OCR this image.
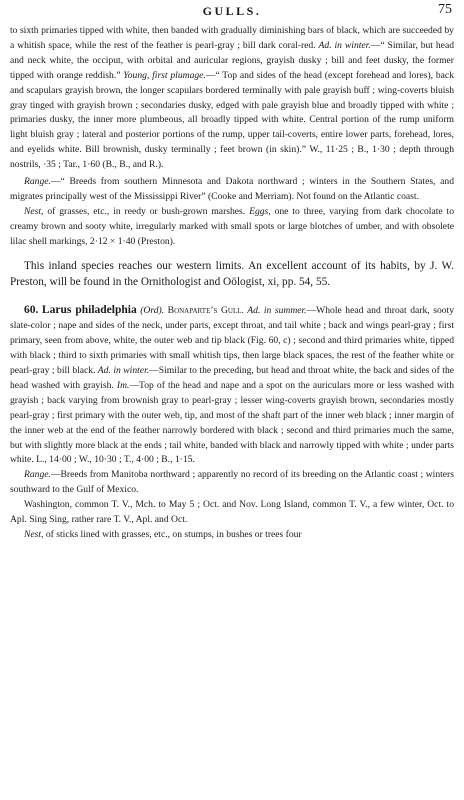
GULLS.	75

to sixth primaries tipped with white, then banded with gradually diminishing bars of black, which are succeeded by a whitish space, while the rest of the feather is pearl-gray ; bill dark coral-red. Ad. in winter.—“ Similar, but head and neck white, the occiput, with orbital and auricular regions, grayish dusky ; bill and feet dusky, the former tipped with orange reddish.” Young, first plumage.—“ Top and sides of the head (except forehead and lores), back and scapulars grayish brown, the longer scapulars bordered terminally with pale grayish buff ; wing-coverts bluish gray tinged with grayish brown ; secondaries dusky, edged with pale grayish blue and broadly tipped with white ; primaries dusky, the inner more plumbeous, all broadly tipped with white. Central portion of the rump uniform light bluish gray ; lateral and posterior portions of the rump, upper tail-coverts, entire lower parts, forehead, lores, and eyelids white. Bill brownish, dusky terminally ; feet brown (in skin).” W., 11·25 ; B., 1·30 ; depth through nostrils, ·35 ; Tar., 1·60 (B., B., and R.).

Range.—“ Breeds from southern Minnesota and Dakota northward ; winters in the Southern States, and migrates principally west of the Mississippi River” (Cooke and Merriam). Not found on the Atlantic coast.

Nest, of grasses, etc., in reedy or bush-grown marshes. Eggs, one to three, varying from dark chocolate to creamy brown and sooty white, irregularly marked with small spots or large blotches of umber, and with obsolete lilac shell markings, 2·12 × 1·40 (Preston).

This inland species reaches our western limits. An excellent account of its habits, by J. W. Preston, will be found in the Ornithologist and Oölogist, xi, pp. 54, 55.

60. Larus philadelphia (Ord). Bonaparte’s Gull. Ad. in summer.—Whole head and throat dark, sooty slate-color ; nape and sides of the neck, under parts, except throat, and tail white ; back and wings pearl-gray ; first primary, seen from above, white, the outer web and tip black (Fig. 60, c) ; second and third primaries white, tipped with black ; third to sixth primaries with small whitish tips, then large black spaces, the rest of the feather white or pearl-gray ; bill black. Ad. in winter.—Similar to the preceding, but head and throat white, the back and sides of the head washed with grayish. Im.—Top of the head and nape and a spot on the auriculars more or less washed with grayish ; back varying from brownish gray to pearl-gray ; lesser wing-coverts grayish brown, secondaries mostly pearl-gray ; first primary with the outer web, tip, and most of the shaft part of the inner web black ; inner margin of the inner web at the end of the feather narrowly bordered with black ; second and third primaries much the same, but with slightly more black at the ends ; tail white, banded with black and narrowly tipped with white ; under parts white. L., 14·00 ; W., 10·30 ; T., 4·00 ; B., 1·15.

Range.—Breeds from Manitoba northward ; apparently no record of its breeding on the Atlantic coast ; winters southward to the Gulf of Mexico.

Washington, common T. V., Mch. to May 5 ; Oct. and Nov. Long Island, common T. V., a few winter, Oct. to Apl. Sing Sing, rather rare T. V., Apl. and Oct.

Nest, of sticks lined with grasses, etc., on stumps, in bushes or trees four
